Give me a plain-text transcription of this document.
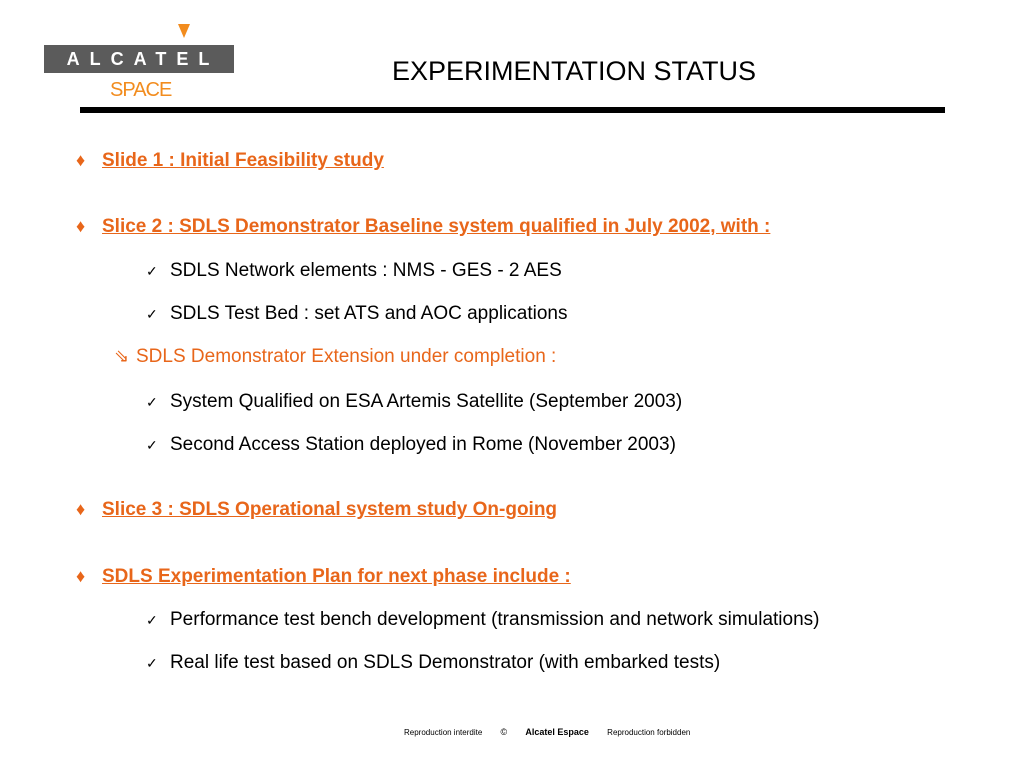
ALCATEL
SPACE
EXPERIMENTATION STATUS
♦ Slide 1 : Initial Feasibility study
♦ Slice 2 : SDLS Demonstrator Baseline system qualified in July 2002, with :
✓ SDLS Network elements : NMS - GES - 2 AES
✓ SDLS Test Bed : set ATS and AOC applications
⇘ SDLS Demonstrator Extension under completion :
✓ System Qualified on ESA Artemis Satellite (September 2003)
✓ Second Access Station deployed in Rome (November 2003)
♦ Slice 3 : SDLS Operational system study On-going
♦ SDLS Experimentation Plan for next phase include :
✓ Performance test bench development (transmission and network simulations)
✓ Real life test based on SDLS Demonstrator (with embarked tests)
Reproduction interdite © Alcatel Espace Reproduction forbidden
